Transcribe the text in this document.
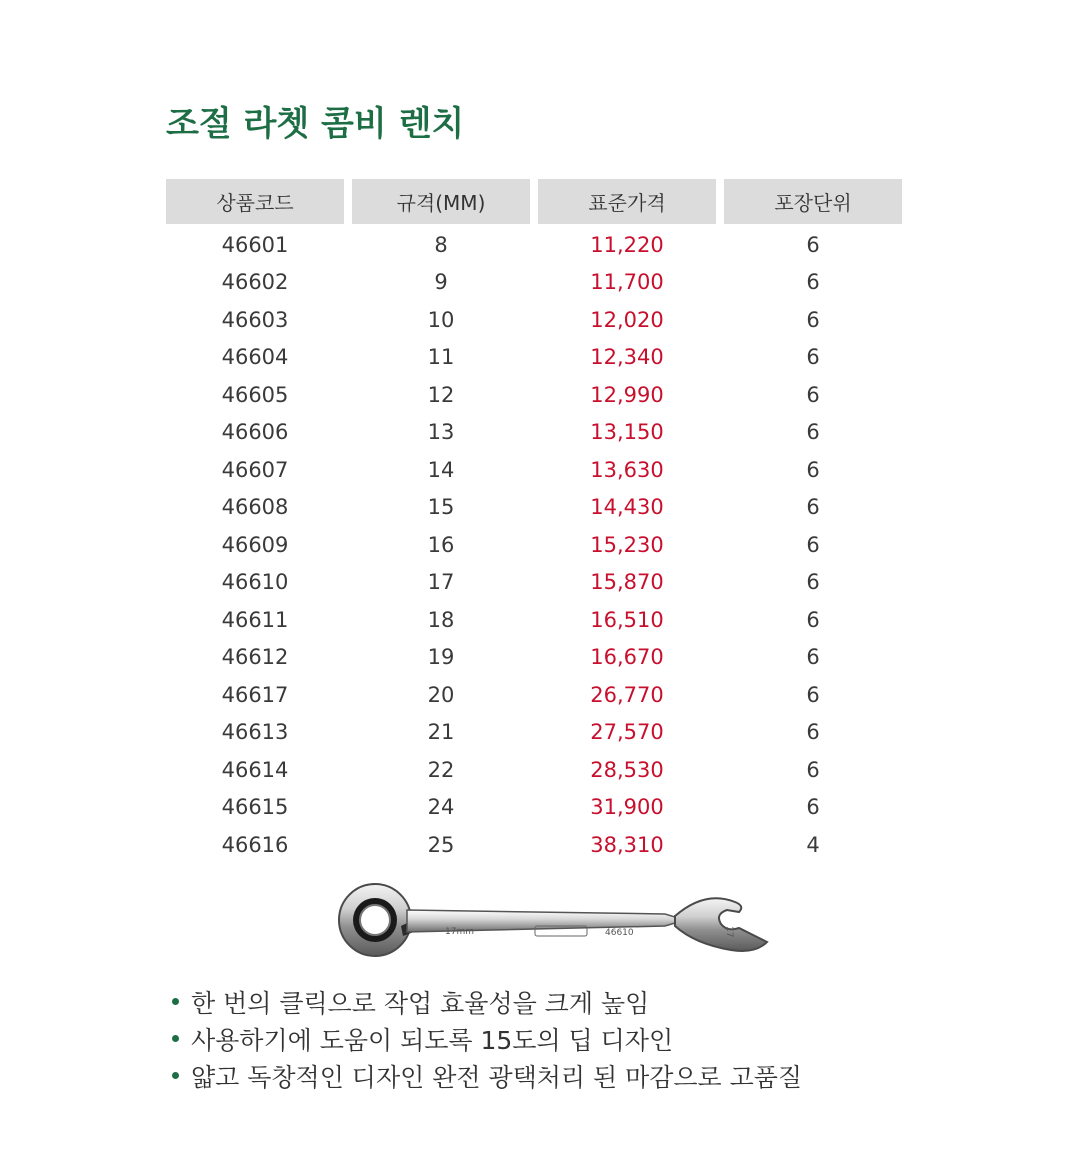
조절 라쳇 콤비 렌치
상품코드	규격(MM)	표준가격	포장단위
46601	8	11,220	6
46602	9	11,700	6
46603	10	12,020	6
46604	11	12,340	6
46605	12	12,990	6
46606	13	13,150	6
46607	14	13,630	6
46608	15	14,430	6
46609	16	15,230	6
46610	17	15,870	6
46611	18	16,510	6
46612	19	16,670	6
46617	20	26,770	6
46613	21	27,570	6
46614	22	28,530	6
46615	24	31,900	6
46616	25	38,310	4
17mm	46610	17
한 번의 클릭으로 작업 효율성을 크게 높임
사용하기에 도움이 되도록 15도의 딥 디자인
얇고 독창적인 디자인 완전 광택처리 된 마감으로 고품질
